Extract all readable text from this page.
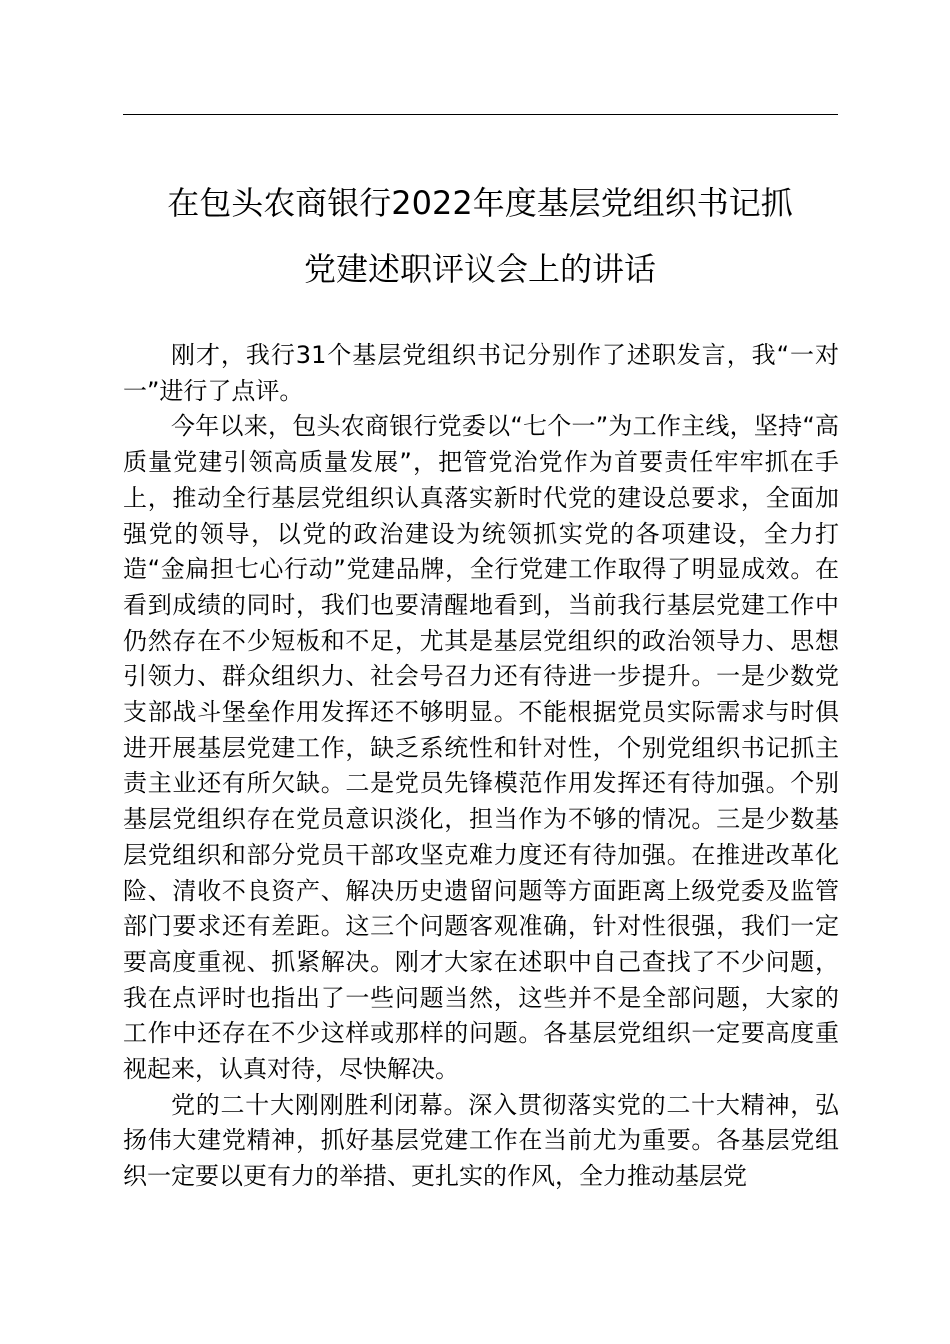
在包头农商银行2022年度基层党组织书记抓
党建述职评议会上的讲话

刚才，我行31个基层党组织书记分别作了述职发言，我“一对一”进行了点评。

今年以来，包头农商银行党委以“七个一”为工作主线，坚持“高质量党建引领高质量发展”，把管党治党作为首要责任牢牢抓在手上，推动全行基层党组织认真落实新时代党的建设总要求，全面加强党的领导，以党的政治建设为统领抓实党的各项建设，全力打造“金扁担七心行动”党建品牌，全行党建工作取得了明显成效。在看到成绩的同时，我们也要清醒地看到，当前我行基层党建工作中仍然存在不少短板和不足，尤其是基层党组织的政治领导力、思想引领力、群众组织力、社会号召力还有待进一步提升。一是少数党支部战斗堡垒作用发挥还不够明显。不能根据党员实际需求与时俱进开展基层党建工作，缺乏系统性和针对性，个别党组织书记抓主责主业还有所欠缺。二是党员先锋模范作用发挥还有待加强。个别基层党组织存在党员意识淡化，担当作为不够的情况。三是少数基层党组织和部分党员干部攻坚克难力度还有待加强。在推进改革化险、清收不良资产、解决历史遗留问题等方面距离上级党委及监管部门要求还有差距。这三个问题客观准确，针对性很强，我们一定要高度重视、抓紧解决。刚才大家在述职中自己查找了不少问题，我在点评时也指出了一些问题当然，这些并不是全部问题，大家的工作中还存在不少这样或那样的问题。各基层党组织一定要高度重视起来，认真对待，尽快解决。

党的二十大刚刚胜利闭幕。深入贯彻落实党的二十大精神，弘扬伟大建党精神，抓好基层党建工作在当前尤为重要。各基层党组织一定要以更有力的举措、更扎实的作风，全力推动基层党
